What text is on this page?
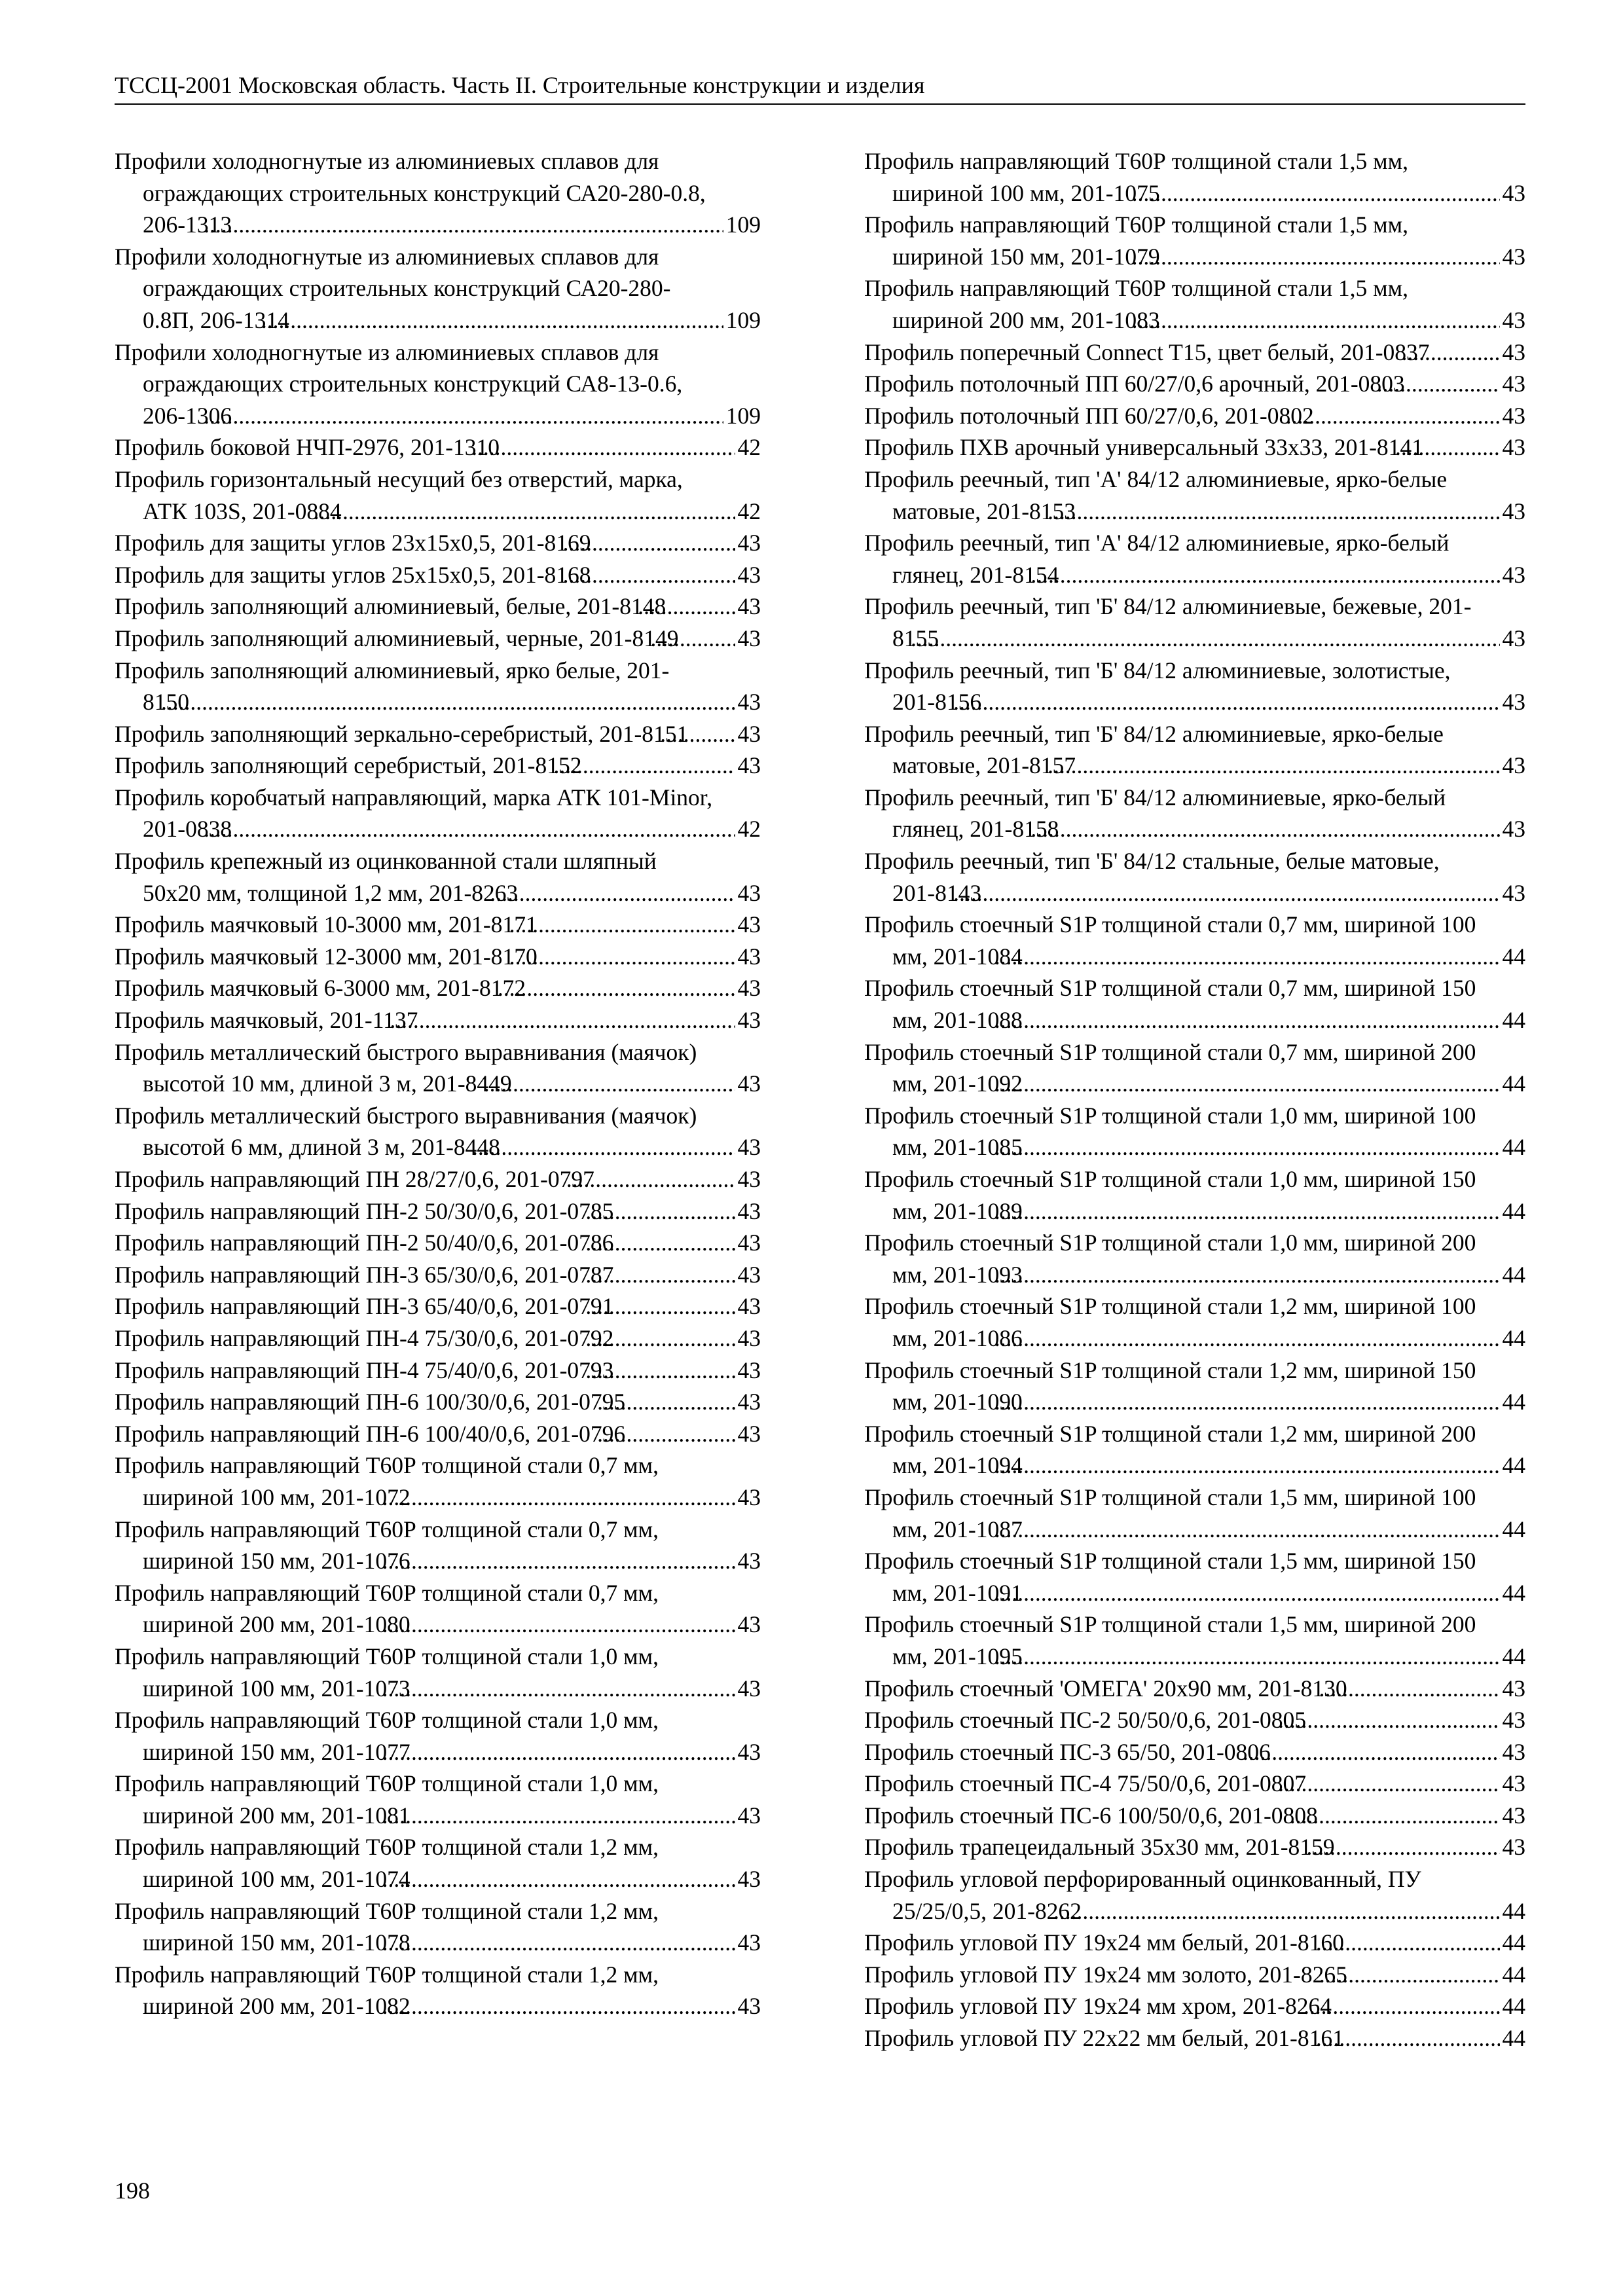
ТССЦ-2001 Московская область. Часть II. Строительные конструкции и изделия
Профили холодногнутые из алюминиевых сплавов для ограждающих строительных конструкций СА20-280-0.8, 206-1313 .....	109
Профили холодногнутые из алюминиевых сплавов для ограждающих строительных конструкций СА20-280-0.8П, 206-1314 .....	109
Профили холодногнутые из алюминиевых сплавов для ограждающих строительных конструкций СА8-13-0.6, 206-1306 .....	109
Профиль боковой НЧП-2976, 201-1310 .....	42
Профиль горизонтальный несущий без отверстий, марка, АТК 103S, 201-0884 .....	42
Профиль для защиты углов 23х15х0,5, 201-8169 .....	43
Профиль для защиты углов 25х15х0,5, 201-8168 .....	43
Профиль заполняющий алюминиевый, белые, 201-8148 .....	43
Профиль заполняющий алюминиевый, черные, 201-8149 .....	43
Профиль заполняющий алюминиевый, ярко белые, 201-8150 .....	43
Профиль заполняющий зеркально-серебристый, 201-8151 ..... 43
Профиль заполняющий серебристый, 201-8152 .....	43
Профиль коробчатый направляющий, марка АТК 101-Minor, 201-0838 .....	42
Профиль крепежный из оцинкованной стали шляпный 50х20 мм, толщиной 1,2 мм, 201-8263 .....	43
Профиль маячковый 10-3000 мм, 201-8171 .....	43
Профиль маячковый 12-3000 мм, 201-8170 .....	43
Профиль маячковый 6-3000 мм, 201-8172 .....	43
Профиль маячковый, 201-1137 .....	43
Профиль металлический быстрого выравнивания (маячок) высотой 10 мм, длиной 3 м, 201-8449 .....	43
Профиль металлический быстрого выравнивания (маячок) высотой 6 мм, длиной 3 м, 201-8448 .....	43
Профиль направляющий ПН 28/27/0,6, 201-0797 .....	43
Профиль направляющий ПН-2 50/30/0,6, 201-0785 .....	43
Профиль направляющий ПН-2 50/40/0,6, 201-0786 .....	43
Профиль направляющий ПН-3 65/30/0,6, 201-0787 .....	43
Профиль направляющий ПН-3 65/40/0,6, 201-0791 .....	43
Профиль направляющий ПН-4 75/30/0,6, 201-0792 .....	43
Профиль направляющий ПН-4 75/40/0,6, 201-0793 .....	43
Профиль направляющий ПН-6 100/30/0,6, 201-0795 .....	43
Профиль направляющий ПН-6 100/40/0,6, 201-0796 .....	43
Профиль направляющий Т60Р толщиной стали 0,7 мм, шириной 100 мм, 201-1072 .....	43
Профиль направляющий Т60Р толщиной стали 0,7 мм, шириной 150 мм, 201-1076 .....	43
Профиль направляющий Т60Р толщиной стали 0,7 мм, шириной 200 мм, 201-1080 .....	43
Профиль направляющий Т60Р толщиной стали 1,0 мм, шириной 100 мм, 201-1073 .....	43
Профиль направляющий Т60Р толщиной стали 1,0 мм, шириной 150 мм, 201-1077 .....	43
Профиль направляющий Т60Р толщиной стали 1,0 мм, шириной 200 мм, 201-1081 .....	43
Профиль направляющий Т60Р толщиной стали 1,2 мм, шириной 100 мм, 201-1074 .....	43
Профиль направляющий Т60Р толщиной стали 1,2 мм, шириной 150 мм, 201-1078 .....	43
Профиль направляющий Т60Р толщиной стали 1,2 мм, шириной 200 мм, 201-1082 .....	43
Профиль направляющий Т60Р толщиной стали 1,5 мм, шириной 100 мм, 201-1075 .....	43
Профиль направляющий Т60Р толщиной стали 1,5 мм, шириной 150 мм, 201-1079 .....	43
Профиль направляющий Т60Р толщиной стали 1,5 мм, шириной 200 мм, 201-1083 .....	43
Профиль поперечный Connect T15, цвет белый, 201-0837 .....	43
Профиль потолочный ПП 60/27/0,6 арочный, 201-0803 .....	43
Профиль потолочный ПП 60/27/0,6, 201-0802 .....	43
Профиль ПХВ арочный универсальный 33х33, 201-8141 .....	43
Профиль реечный, тип 'А' 84/12 алюминиевые, ярко-белые матовые, 201-8153 .....	43
Профиль реечный, тип 'А' 84/12 алюминиевые, ярко-белый глянец, 201-8154 .....	43
Профиль реечный, тип 'Б' 84/12 алюминиевые, бежевые, 201-8155 .....	43
Профиль реечный, тип 'Б' 84/12 алюминиевые, золотистые, 201-8156 .....	43
Профиль реечный, тип 'Б' 84/12 алюминиевые, ярко-белые матовые, 201-8157 .....	43
Профиль реечный, тип 'Б' 84/12 алюминиевые, ярко-белый глянец, 201-8158 .....	43
Профиль реечный, тип 'Б' 84/12 стальные, белые матовые, 201-8143 .....	43
Профиль стоечный S1P толщиной стали 0,7 мм, шириной 100 мм, 201-1084 .....	44
Профиль стоечный S1P толщиной стали 0,7 мм, шириной 150 мм, 201-1088 .....	44
Профиль стоечный S1P толщиной стали 0,7 мм, шириной 200 мм, 201-1092 .....	44
Профиль стоечный S1P толщиной стали 1,0 мм, шириной 100 мм, 201-1085 .....	44
Профиль стоечный S1P толщиной стали 1,0 мм, шириной 150 мм, 201-1089 .....	44
Профиль стоечный S1P толщиной стали 1,0 мм, шириной 200 мм, 201-1093 .....	44
Профиль стоечный S1P толщиной стали 1,2 мм, шириной 100 мм, 201-1086 .....	44
Профиль стоечный S1P толщиной стали 1,2 мм, шириной 150 мм, 201-1090 .....	44
Профиль стоечный S1P толщиной стали 1,2 мм, шириной 200 мм, 201-1094 .....	44
Профиль стоечный S1P толщиной стали 1,5 мм, шириной 100 мм, 201-1087 .....	44
Профиль стоечный S1P толщиной стали 1,5 мм, шириной 150 мм, 201-1091 .....	44
Профиль стоечный S1P толщиной стали 1,5 мм, шириной 200 мм, 201-1095 .....	44
Профиль стоечный 'ОМЕГА' 20х90 мм, 201-8130 .....	43
Профиль стоечный ПС-2 50/50/0,6, 201-0805 .....	43
Профиль стоечный ПС-3 65/50, 201-0806 .....	43
Профиль стоечный ПС-4 75/50/0,6, 201-0807 .....	43
Профиль стоечный ПС-6 100/50/0,6, 201-0808 .....	43
Профиль трапецеидальный 35х30 мм, 201-8159 .....	43
Профиль угловой перфорированный оцинкованный, ПУ 25/25/0,5, 201-8262 .....	44
Профиль угловой ПУ 19х24 мм белый, 201-8160 .....	44
Профиль угловой ПУ 19х24 мм золото, 201-8265 .....	44
Профиль угловой ПУ 19х24 мм хром, 201-8264 .....	44
Профиль угловой ПУ 22х22 мм белый, 201-8161 .....	44
198
